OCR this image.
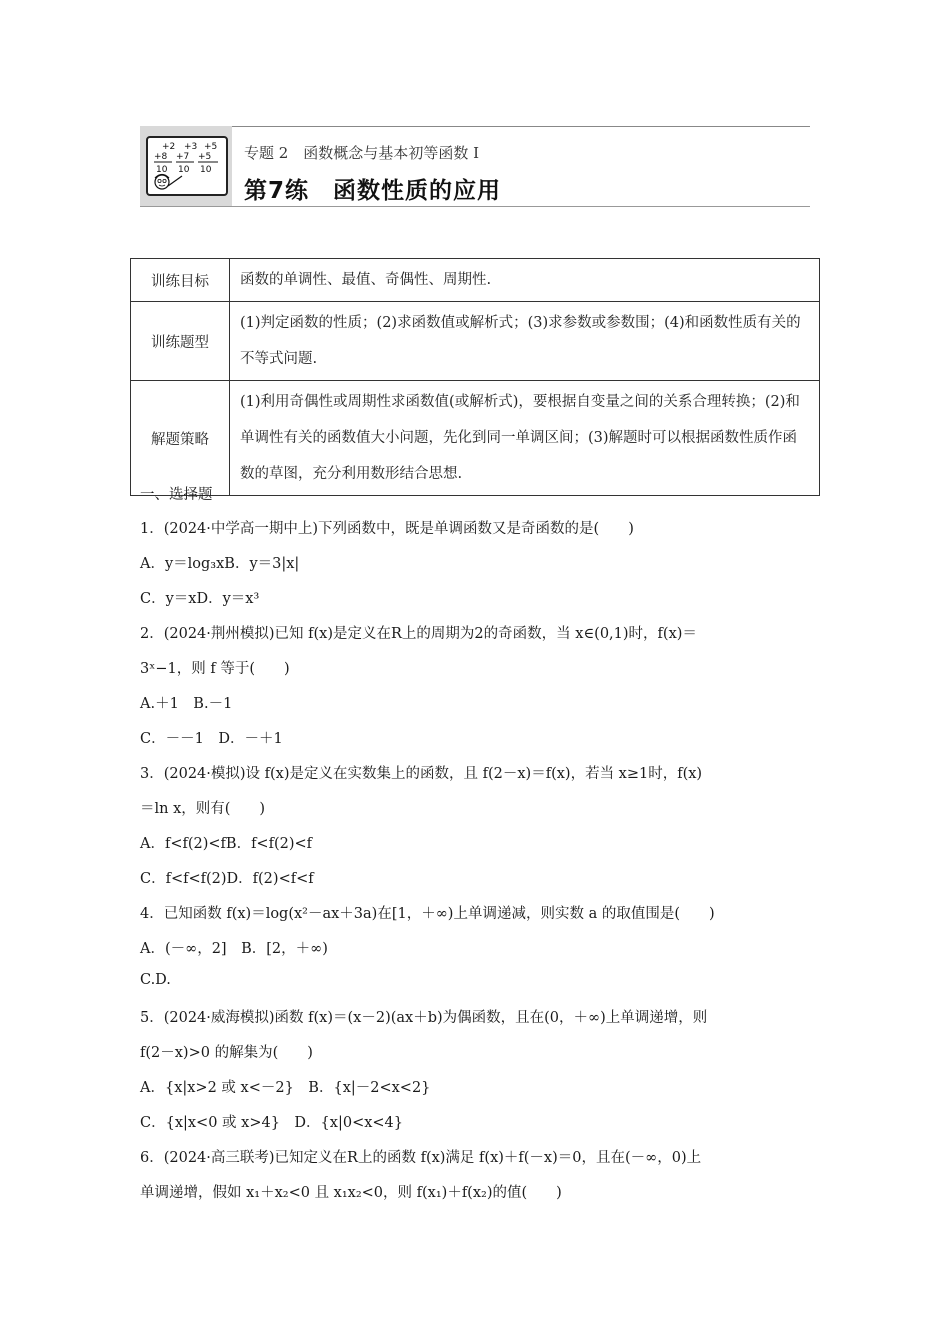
+2 +3 +5
+8 +7 +5
10 10 10
专题 2　函数概念与基本初等函数 I
第7练　函数性质的应用
训练目标	函数的单调性、最值、奇偶性、周期性.
训练题型	(1)判定函数的性质；(2)求函数值或解析式；(3)求参数或参数围；(4)和函数性质有关的不等式问题.
解题策略	(1)利用奇偶性或周期性求函数值(或解析式)，要根据自变量之间的关系合理转换；(2)和单调性有关的函数值大小问题，先化到同一单调区间；(3)解题时可以根据函数性质作函数的草图，充分利用数形结合思想.
一、选择题
1．(2024·中学高一期中上)下列函数中，既是单调函数又是奇函数的是(　　)
A．y＝log₃xB．y＝3|x|
C．y＝xD．y＝x³
2．(2024·荆州模拟)已知 f(x)是定义在R上的周期为2的奇函数，当 x∈(0,1)时，f(x)＝
3ˣ−1，则 f 等于(　　)
A.＋1　B.－1
C．－－1　D．－＋1
3．(2024·模拟)设 f(x)是定义在实数集上的函数，且 f(2－x)＝f(x)，若当 x≥1时，f(x)
＝ln x，则有(　　)
A．f<f(2)<fB．f<f(2)<f
C．f<f<f(2)D．f(2)<f<f
4．已知函数 f(x)＝log(x²－ax＋3a)在[1，＋∞)上单调递减，则实数 a 的取值围是(　　)
A．(－∞，2]　B．[2，＋∞)
C.D.
5．(2024·威海模拟)函数 f(x)＝(x－2)(ax＋b)为偶函数，且在(0，＋∞)上单调递增，则
f(2－x)>0 的解集为(　　)
A．{x|x>2 或 x<－2}　B．{x|－2<x<2}
C．{x|x<0 或 x>4}　D．{x|0<x<4}
6．(2024·高三联考)已知定义在R上的函数 f(x)满足 f(x)＋f(－x)＝0，且在(－∞，0)上
单调递增，假如 x₁＋x₂<0 且 x₁x₂<0，则 f(x₁)＋f(x₂)的值(　　)
